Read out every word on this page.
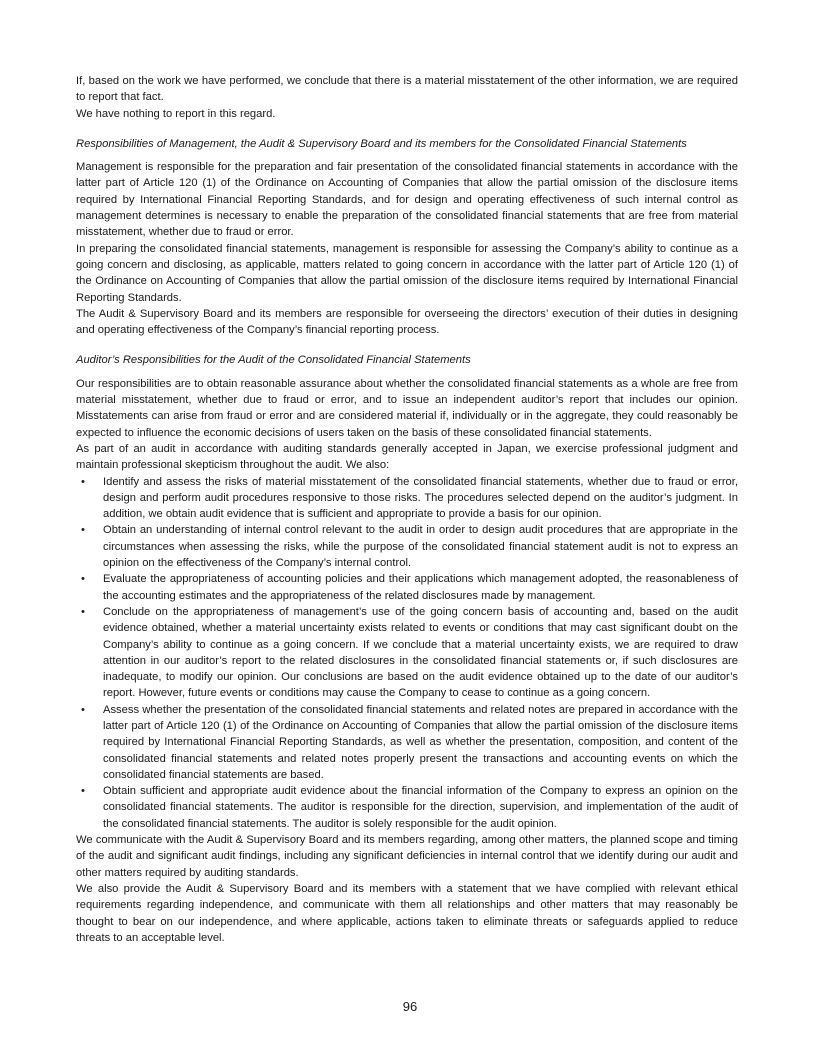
If, based on the work we have performed, we conclude that there is a material misstatement of the other information, we are required to report that fact.

We have nothing to report in this regard.

Responsibilities of Management, the Audit & Supervisory Board and its members for the Consolidated Financial Statements

Management is responsible for the preparation and fair presentation of the consolidated financial statements in accordance with the latter part of Article 120 (1) of the Ordinance on Accounting of Companies that allow the partial omission of the disclosure items required by International Financial Reporting Standards, and for design and operating effectiveness of such internal control as management determines is necessary to enable the preparation of the consolidated financial statements that are free from material misstatement, whether due to fraud or error.

In preparing the consolidated financial statements, management is responsible for assessing the Company’s ability to continue as a going concern and disclosing, as applicable, matters related to going concern in accordance with the latter part of Article 120 (1) of the Ordinance on Accounting of Companies that allow the partial omission of the disclosure items required by International Financial Reporting Standards.

The Audit & Supervisory Board and its members are responsible for overseeing the directors’ execution of their duties in designing and operating effectiveness of the Company’s financial reporting process.

Auditor’s Responsibilities for the Audit of the Consolidated Financial Statements

Our responsibilities are to obtain reasonable assurance about whether the consolidated financial statements as a whole are free from material misstatement, whether due to fraud or error, and to issue an independent auditor’s report that includes our opinion. Misstatements can arise from fraud or error and are considered material if, individually or in the aggregate, they could reasonably be expected to influence the economic decisions of users taken on the basis of these consolidated financial statements.

As part of an audit in accordance with auditing standards generally accepted in Japan, we exercise professional judgment and maintain professional skepticism throughout the audit. We also:

• Identify and assess the risks of material misstatement of the consolidated financial statements, whether due to fraud or error, design and perform audit procedures responsive to those risks. The procedures selected depend on the auditor’s judgment. In addition, we obtain audit evidence that is sufficient and appropriate to provide a basis for our opinion.
• Obtain an understanding of internal control relevant to the audit in order to design audit procedures that are appropriate in the circumstances when assessing the risks, while the purpose of the consolidated financial statement audit is not to express an opinion on the effectiveness of the Company’s internal control.
• Evaluate the appropriateness of accounting policies and their applications which management adopted, the reasonableness of the accounting estimates and the appropriateness of the related disclosures made by management.
• Conclude on the appropriateness of management’s use of the going concern basis of accounting and, based on the audit evidence obtained, whether a material uncertainty exists related to events or conditions that may cast significant doubt on the Company’s ability to continue as a going concern. If we conclude that a material uncertainty exists, we are required to draw attention in our auditor’s report to the related disclosures in the consolidated financial statements or, if such disclosures are inadequate, to modify our opinion. Our conclusions are based on the audit evidence obtained up to the date of our auditor’s report. However, future events or conditions may cause the Company to cease to continue as a going concern.
• Assess whether the presentation of the consolidated financial statements and related notes are prepared in accordance with the latter part of Article 120 (1) of the Ordinance on Accounting of Companies that allow the partial omission of the disclosure items required by International Financial Reporting Standards, as well as whether the presentation, composition, and content of the consolidated financial statements and related notes properly present the transactions and accounting events on which the consolidated financial statements are based.
• Obtain sufficient and appropriate audit evidence about the financial information of the Company to express an opinion on the consolidated financial statements. The auditor is responsible for the direction, supervision, and implementation of the audit of the consolidated financial statements. The auditor is solely responsible for the audit opinion.

We communicate with the Audit & Supervisory Board and its members regarding, among other matters, the planned scope and timing of the audit and significant audit findings, including any significant deficiencies in internal control that we identify during our audit and other matters required by auditing standards.

We also provide the Audit & Supervisory Board and its members with a statement that we have complied with relevant ethical requirements regarding independence, and communicate with them all relationships and other matters that may reasonably be thought to bear on our independence, and where applicable, actions taken to eliminate threats or safeguards applied to reduce threats to an acceptable level.

96
